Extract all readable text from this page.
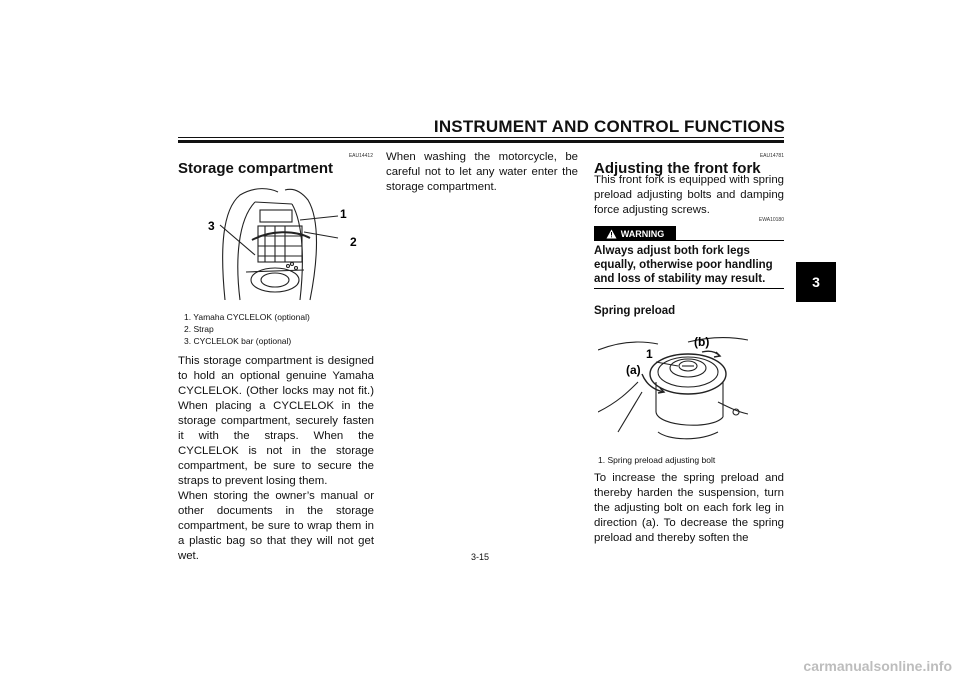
INSTRUMENT AND CONTROL FUNCTIONS
3
EAU14412
Storage compartment
3
1
2
1. Yamaha CYCLELOK (optional)
2. Strap
3. CYCLELOK bar (optional)
This storage compartment is designed to hold an optional genuine Yamaha CYCLELOK. (Other locks may not fit.) When placing a CYCLELOK in the storage compartment, securely fasten it with the straps. When the CYCLELOK is not in the storage compartment, be sure to secure the straps to prevent losing them.
When storing the owner’s manual or other documents in the storage compartment, be sure to wrap them in a plastic bag so that they will not get wet.
When washing the motorcycle, be careful not to let any water enter the storage compartment.
EAU14781
Adjusting the front fork
This front fork is equipped with spring preload adjusting bolts and damping force adjusting screws.
EWA10180
WARNING
Always adjust both fork legs equally, otherwise poor handling and loss of stability may result.
Spring preload
(b)
1
(a)
1. Spring preload adjusting bolt
To increase the spring preload and thereby harden the suspension, turn the adjusting bolt on each fork leg in direction (a). To decrease the spring preload and thereby soften the
3-15
carmanualsonline.info
